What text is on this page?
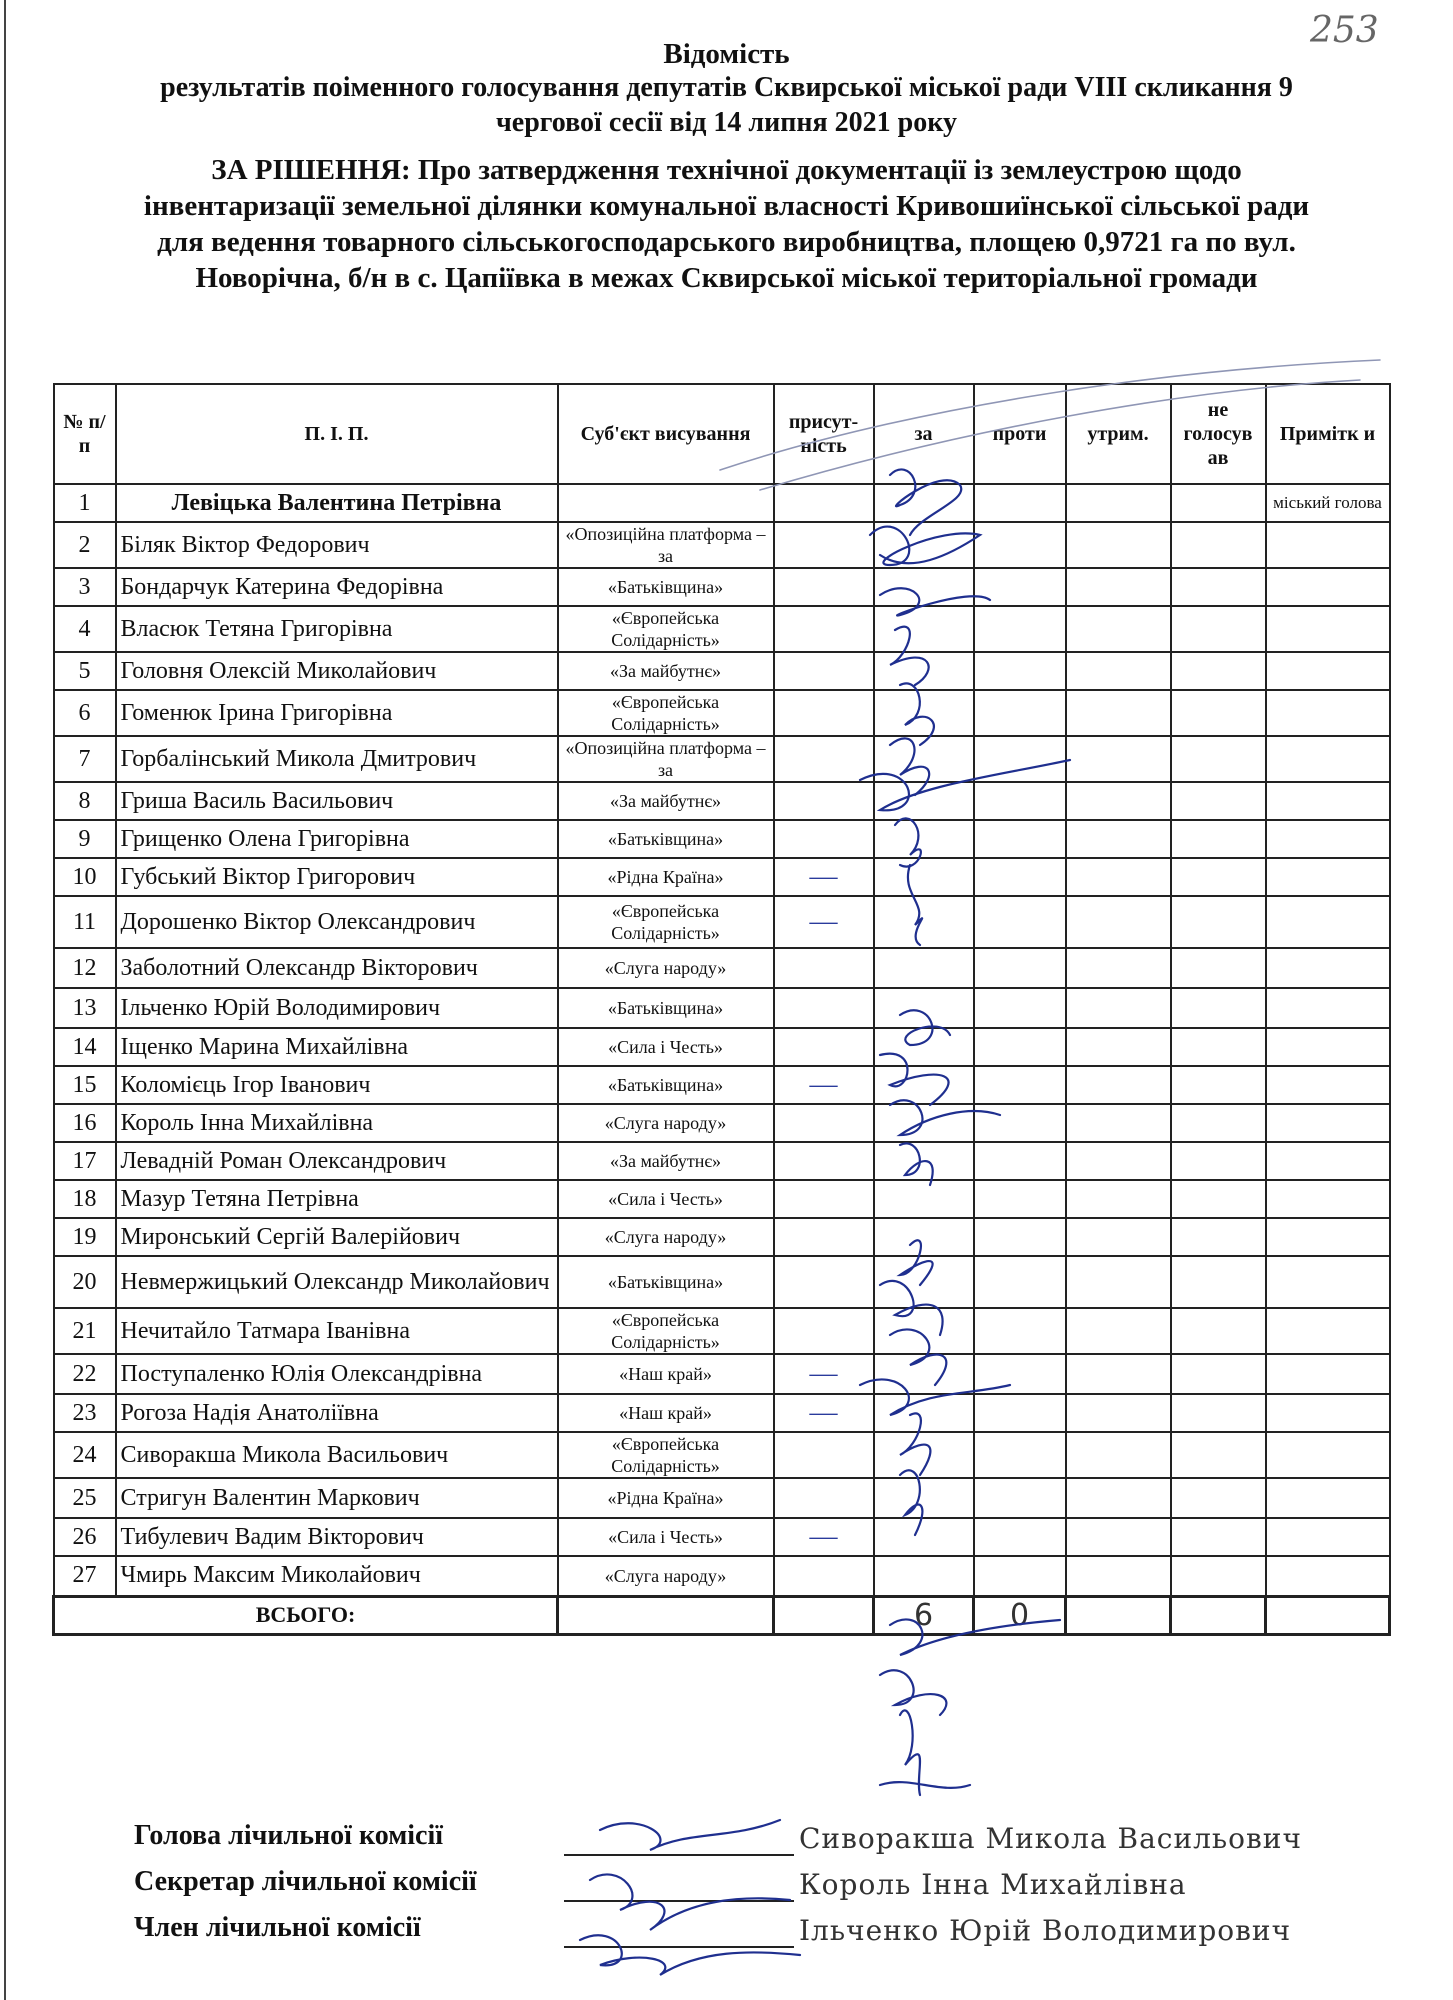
253
Відомість
результатів поіменного голосування депутатів Сквирської міської ради VIII скликання 9
чергової сесії від 14 липня 2021 року
ЗА РІШЕННЯ: Про затвердження технічної документації із землеустрою щодо
інвентаризації земельної ділянки комунальної власності Кривошиїнської сільської ради
для ведення товарного сільськогосподарського виробництва, площею 0,9721 га по вул.
Новорічна, б/н в с. Цапіївка в межах Сквирської міської територіальної громади
№ п/п	П. І. П.	Суб'єкт висування	присут-ність	за	проти	утрим.	не голосув ав	Примітк и
1	Левіцька Валентина Петрівна							міський голова
2	Біляк Віктор Федорович	«Опозиційна платформа – за						
3	Бондарчук Катерина Федорівна	«Батьківщина»						
4	Власюк Тетяна Григорівна	«Європейська Солідарність»						
5	Головня Олексій Миколайович	«За майбутнє»						
6	Гоменюк Ірина Григорівна	«Європейська Солідарність»						
7	Горбалінський Микола Дмитрович	«Опозиційна платформа – за						
8	Гриша Василь Васильович	«За майбутнє»						
9	Грищенко Олена Григорівна	«Батьківщина»						
10	Губський Віктор Григорович	«Рідна Країна»	—					
11	Дорошенко Віктор Олександрович	«Європейська Солідарність»	—					
12	Заболотний Олександр Вікторович	«Слуга народу»						
13	Ільченко Юрій Володимирович	«Батьківщина»						
14	Іщенко Марина Михайлівна	«Сила і Честь»						
15	Коломієць Ігор Іванович	«Батьківщина»	—					
16	Король Інна Михайлівна	«Слуга народу»						
17	Левадній Роман Олександрович	«За майбутнє»						
18	Мазур Тетяна Петрівна	«Сила і Честь»						
19	Миронський Сергій Валерійович	«Слуга народу»						
20	Невмержицький Олександр Миколайович	«Батьківщина»						
21	Нечитайло Татмара Іванівна	«Європейська Солідарність»						
22	Поступаленко Юлія Олександрівна	«Наш край»	—					
23	Рогоза Надія Анатоліївна	«Наш край»	—					
24	Сиворакша Микола Васильович	«Європейська Солідарність»						
25	Стригун Валентин Маркович	«Рідна Країна»						
26	Тибулевич Вадим Вікторович	«Сила і Честь»	—					
27	Чмирь Максим Миколайович	«Слуга народу»						
ВСЬОГО:				6	0			
Голова лічильної комісії	Сиворакша Микола Васильович
Секретар лічильної комісії	Король Інна Михайлівна
Член лічильної комісії	Ільченко Юрій Володимирович
